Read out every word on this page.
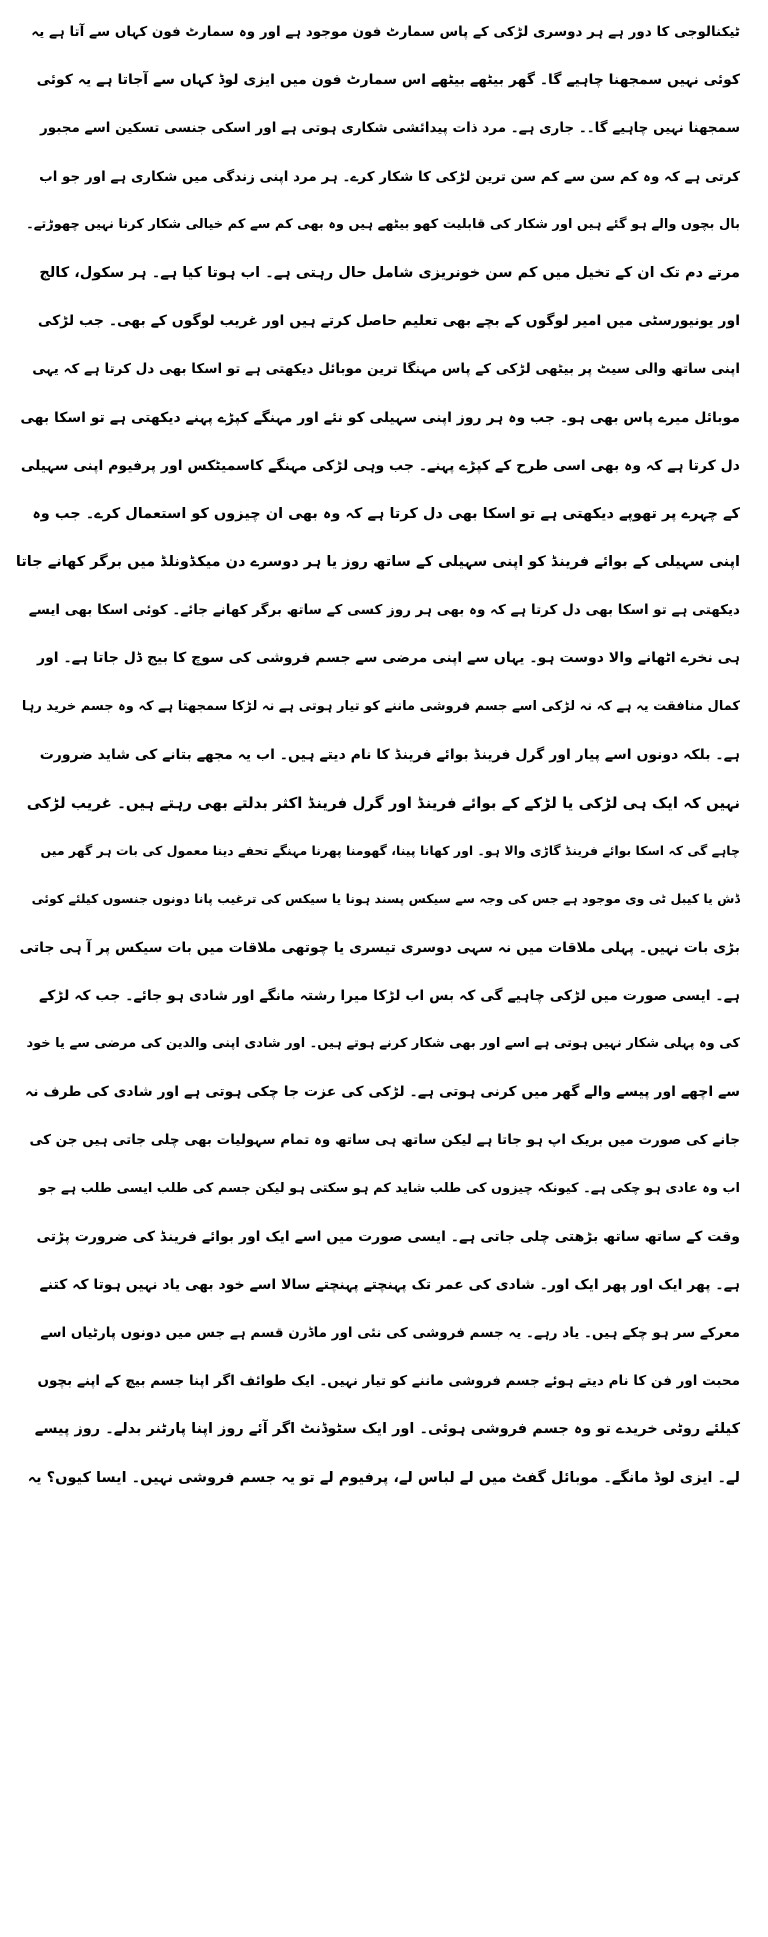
ٹیکنالوجی کا دور ہے ہر دوسری لڑکی کے پاس سمارٹ فون موجود ہے اور وہ سمارٹ فون کہاں سے آتا ہے یہ
کوئی نہیں سمجھنا چاہیے گا۔ گھر بیٹھے بیٹھے اس سمارٹ فون میں ایزی لوڈ کہاں سے آجاتا ہے یہ کوئی
سمجھنا نہیں چاہیے گا۔۔ جاری ہے۔ مرد ذات پیدائشی شکاری ہوتی ہے اور اسکی جنسی تسکین اسے مجبور
کرتی ہے کہ وہ کم سن سے کم سن ترین لڑکی کا شکار کرے۔ ہر مرد اپنی زندگی میں شکاری ہے اور جو اب
بال بچوں والے ہو گئے ہیں اور شکار کی قابلیت کھو بیٹھے ہیں وہ بھی کم سے کم خیالی شکار کرنا نہیں چھوڑتے۔
مرتے دم تک ان کے تخیل میں کم سن خونریزی شامل حال رہتی ہے۔ اب ہوتا کیا ہے۔ ہر سکول، کالج
اور یونیورسٹی میں امیر لوگوں کے بچے بھی تعلیم حاصل کرتے ہیں اور غریب لوگوں کے بھی۔ جب لڑکی
اپنی ساتھ والی سیٹ پر بیٹھی لڑکی کے پاس مہنگا ترین موبائل دیکھتی ہے تو اسکا بھی دل کرتا ہے کہ یہی
موبائل میرے پاس بھی ہو۔ جب وہ ہر روز اپنی سہیلی کو نئے اور مہنگے کپڑے پہنے دیکھتی ہے تو اسکا بھی
دل کرتا ہے کہ وہ بھی اسی طرح کے کپڑے پہنے۔ جب وہی لڑکی مہنگے کاسمیٹکس اور پرفیوم اپنی سہیلی
کے چہرے پر تھوپے دیکھتی ہے تو اسکا بھی دل کرتا ہے کہ وہ بھی ان چیزوں کو استعمال کرے۔ جب وہ
اپنی سہیلی کے بوائے فرینڈ کو اپنی سہیلی کے ساتھ روز یا ہر دوسرے دن میکڈونلڈ میں برگر کھانے جاتا
دیکھتی ہے تو اسکا بھی دل کرتا ہے کہ وہ بھی ہر روز کسی کے ساتھ برگر کھانے جائے۔ کوئی اسکا بھی ایسے
ہی نخرے اٹھانے والا دوست ہو۔ یہاں سے اپنی مرضی سے جسم فروشی کی سوچ کا بیج ڈل جاتا ہے۔ اور
کمال منافقت یہ ہے کہ نہ لڑکی اسے جسم فروشی ماننے کو تیار ہوتی ہے نہ لڑکا سمجھتا ہے کہ وہ جسم خرید رہا
ہے۔ بلکہ دونوں اسے پیار اور گرل فرینڈ بوائے فرینڈ کا نام دیتے ہیں۔ اب یہ مجھے بتانے کی شاید ضرورت
نہیں کہ ایک ہی لڑکی یا لڑکے کے بوائے فرینڈ اور گرل فرینڈ اکثر بدلتے بھی رہتے ہیں۔ غریب لڑکی
چاہے گی کہ اسکا بوائے فرینڈ گاڑی والا ہو۔ اور کھانا پینا، گھومنا پھرنا مہنگے تحفے دینا معمول کی بات ہر گھر میں
ڈش یا کیبل ٹی وی موجود ہے جس کی وجہ سے سیکس پسند ہونا یا سیکس کی ترغیب پانا دونوں جنسوں کیلئے کوئی
بڑی بات نہیں۔ پہلی ملاقات میں نہ سہی دوسری تیسری یا چوتھی ملاقات میں بات سیکس پر آ ہی جاتی
ہے۔ ایسی صورت میں لڑکی چاہیے گی کہ بس اب لڑکا میرا رشتہ مانگے اور شادی ہو جائے۔ جب کہ لڑکے
کی وہ پہلی شکار نہیں ہوتی ہے اسے اور بھی شکار کرنے ہوتے ہیں۔ اور شادی اپنی والدین کی مرضی سے یا خود
سے اچھے اور پیسے والے گھر میں کرنی ہوتی ہے۔ لڑکی کی عزت جا چکی ہوتی ہے اور شادی کی طرف نہ
جانے کی صورت میں بریک اپ ہو جاتا ہے لیکن ساتھ ہی ساتھ وہ تمام سہولیات بھی چلی جاتی ہیں جن کی
اب وہ عادی ہو چکی ہے۔ کیونکہ چیزوں کی طلب شاید کم ہو سکتی ہو لیکن جسم کی طلب ایسی طلب ہے جو
وقت کے ساتھ ساتھ بڑھتی چلی جاتی ہے۔ ایسی صورت میں اسے ایک اور بوائے فرینڈ کی ضرورت پڑتی
ہے۔ پھر ایک اور پھر ایک اور۔ شادی کی عمر تک پہنچتے پہنچتے سالا اسے خود بھی یاد نہیں ہوتا کہ کتنے
معرکے سر ہو چکے ہیں۔ یاد رہے۔ یہ جسم فروشی کی نئی اور ماڈرن قسم ہے جس میں دونوں پارٹیاں اسے
محبت اور فن کا نام دیتے ہوئے جسم فروشی ماننے کو تیار نہیں۔ ایک طوائف اگر اپنا جسم بیچ کے اپنے بچوں
کیلئے روٹی خریدے تو وہ جسم فروشی ہوئی۔ اور ایک سٹوڈنٹ اگر آئے روز اپنا پارٹنر بدلے۔ روز پیسے
لے۔ ایزی لوڈ مانگے۔ موبائل گفٹ میں لے لباس لے، پرفیوم لے تو یہ جسم فروشی نہیں۔ ایسا کیوں؟ یہ
